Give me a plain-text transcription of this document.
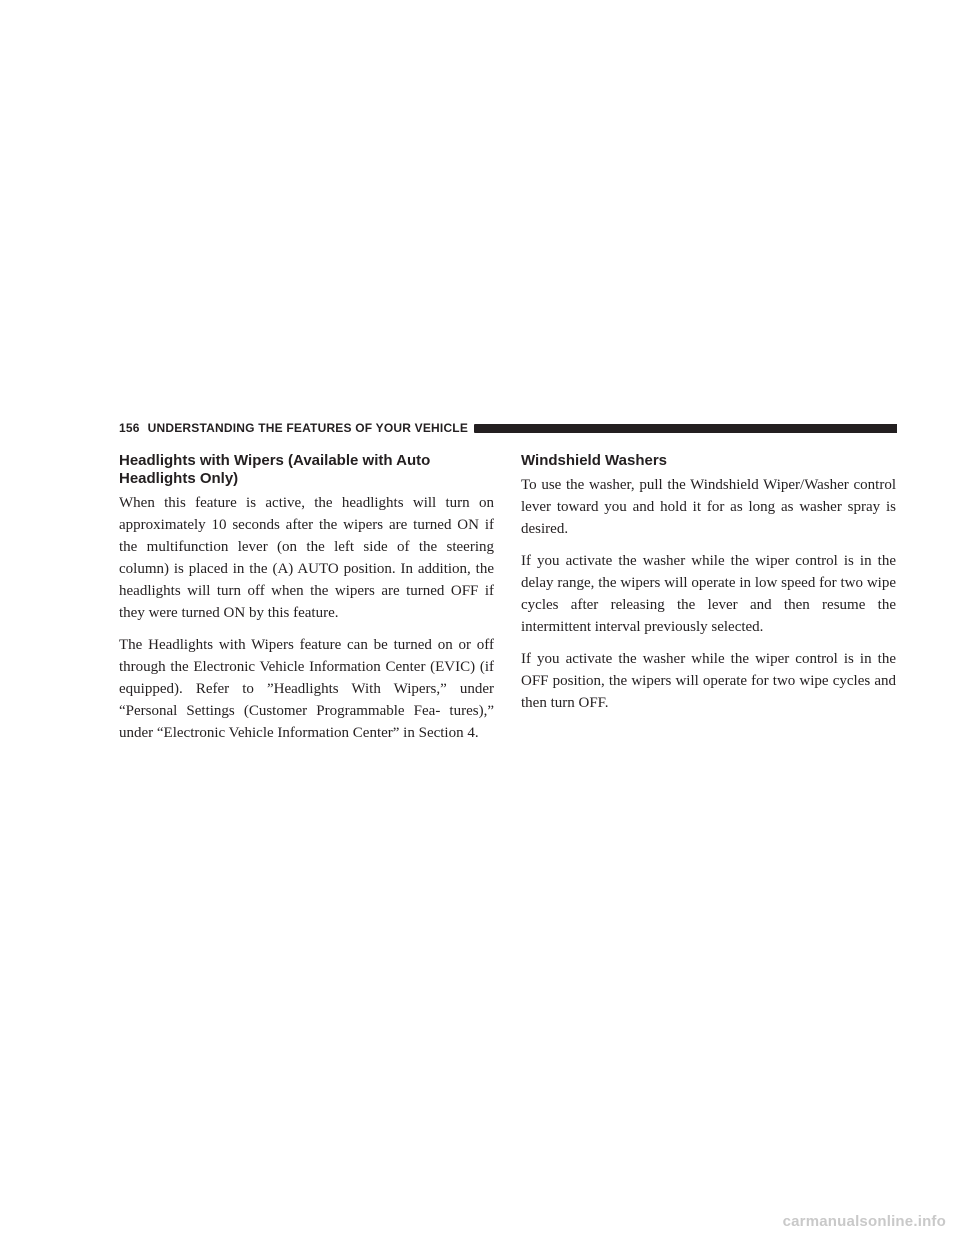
156 UNDERSTANDING THE FEATURES OF YOUR VEHICLE
Headlights with Wipers (Available with Auto Headlights Only)

When this feature is active, the headlights will turn on approximately 10 seconds after the wipers are turned ON if the multifunction lever (on the left side of the steering column) is placed in the (A) AUTO position. In addition, the headlights will turn off when the wipers are turned OFF if they were turned ON by this feature.

The Headlights with Wipers feature can be turned on or off through the Electronic Vehicle Information Center (EVIC) (if equipped). Refer to ”Headlights With Wipers,” under “Personal Settings (Customer Programmable Fea- tures),” under “Electronic Vehicle Information Center” in Section 4.

Windshield Washers

To use the washer, pull the Windshield Wiper/Washer control lever toward you and hold it for as long as washer spray is desired.

If you activate the washer while the wiper control is in the delay range, the wipers will operate in low speed for two wipe cycles after releasing the lever and then resume the intermittent interval previously selected.

If you activate the washer while the wiper control is in the OFF position, the wipers will operate for two wipe cycles and then turn OFF.

carmanualsonline.info
